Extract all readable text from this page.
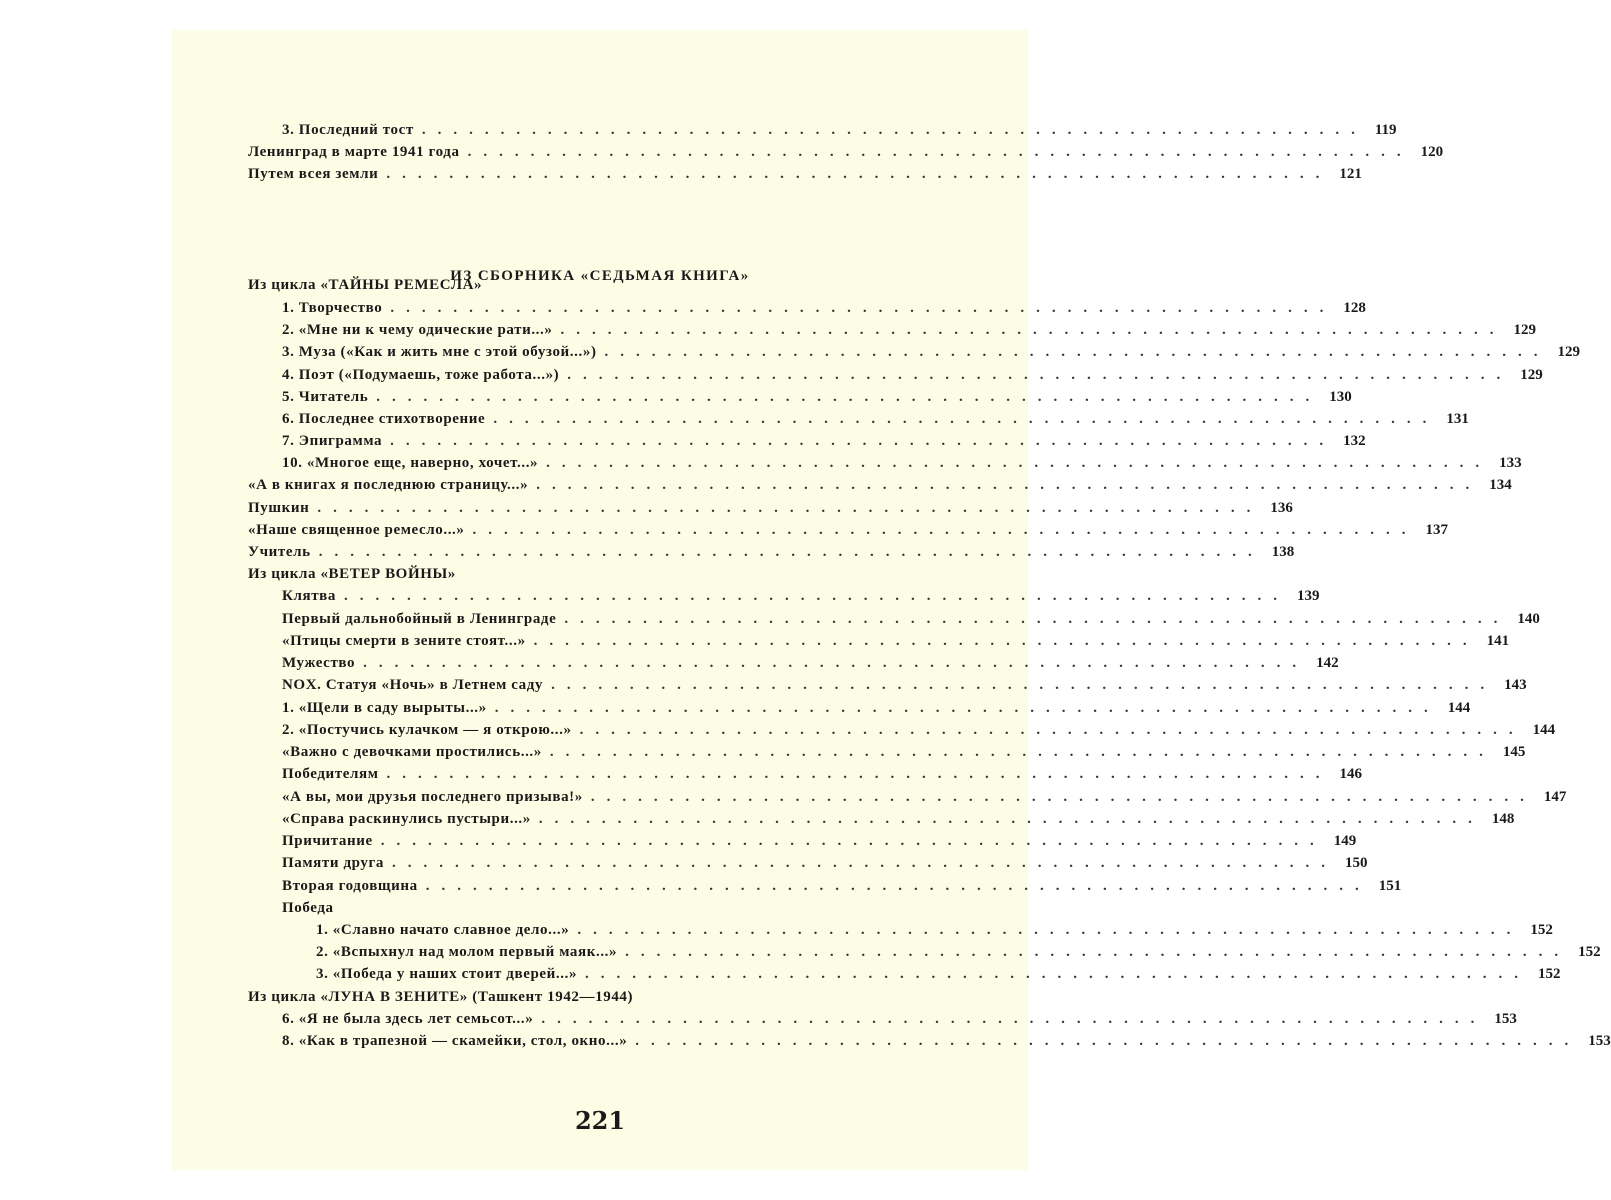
3. Последний тост ............................................................ 119
Ленинград в марте 1941 года ............................................................ 120
Путем всея земли ............................................................ 121
Из цикла «ТАЙНЫ РЕМЕСЛА»
1. Творчество ............................................................ 128
2. «Мне ни к чему одические рати...» ............................................................ 129
3. Муза («Как и жить мне с этой обузой...») ............................................................ 129
4. Поэт («Подумаешь, тоже работа...») ............................................................ 129
5. Читатель ............................................................ 130
6. Последнее стихотворение ............................................................ 131
7. Эпиграмма ............................................................ 132
10. «Многое еще, наверно, хочет...» ............................................................ 133
«А в книгах я последнюю страницу...» ............................................................ 134
Пушкин ............................................................ 136
«Наше священное ремесло...» ............................................................ 137
Учитель ............................................................ 138
Из цикла «ВЕТЕР ВОЙНЫ»
Клятва ............................................................ 139
Первый дальнобойный в Ленинграде ............................................................ 140
«Птицы смерти в зените стоят...» ............................................................ 141
Мужество ............................................................ 142
NOX. Статуя «Ночь» в Летнем саду ............................................................ 143
1. «Щели в саду вырыты...» ............................................................ 144
2. «Постучись кулачком — я открою...» ............................................................ 144
«Важно с девочками простились...» ............................................................ 145
Победителям ............................................................ 146
«А вы, мои друзья последнего призыва!» ............................................................ 147
«Справа раскинулись пустыри...» ............................................................ 148
Причитание ............................................................ 149
Памяти друга ............................................................ 150
Вторая годовщина ............................................................ 151
Победа
1. «Славно начато славное дело...» ............................................................ 152
2. «Вспыхнул над молом первый маяк...» ............................................................ 152
3. «Победа у наших стоит дверей...» ............................................................ 152
Из цикла «ЛУНА В ЗЕНИТЕ» (Ташкент 1942—1944)
6. «Я не была здесь лет семьсот...» ............................................................ 153
8. «Как в трапезной — скамейки, стол, окно...» ............................................................ 153
ИЗ СБОРНИКА «СЕДЬМАЯ КНИГА»
221
